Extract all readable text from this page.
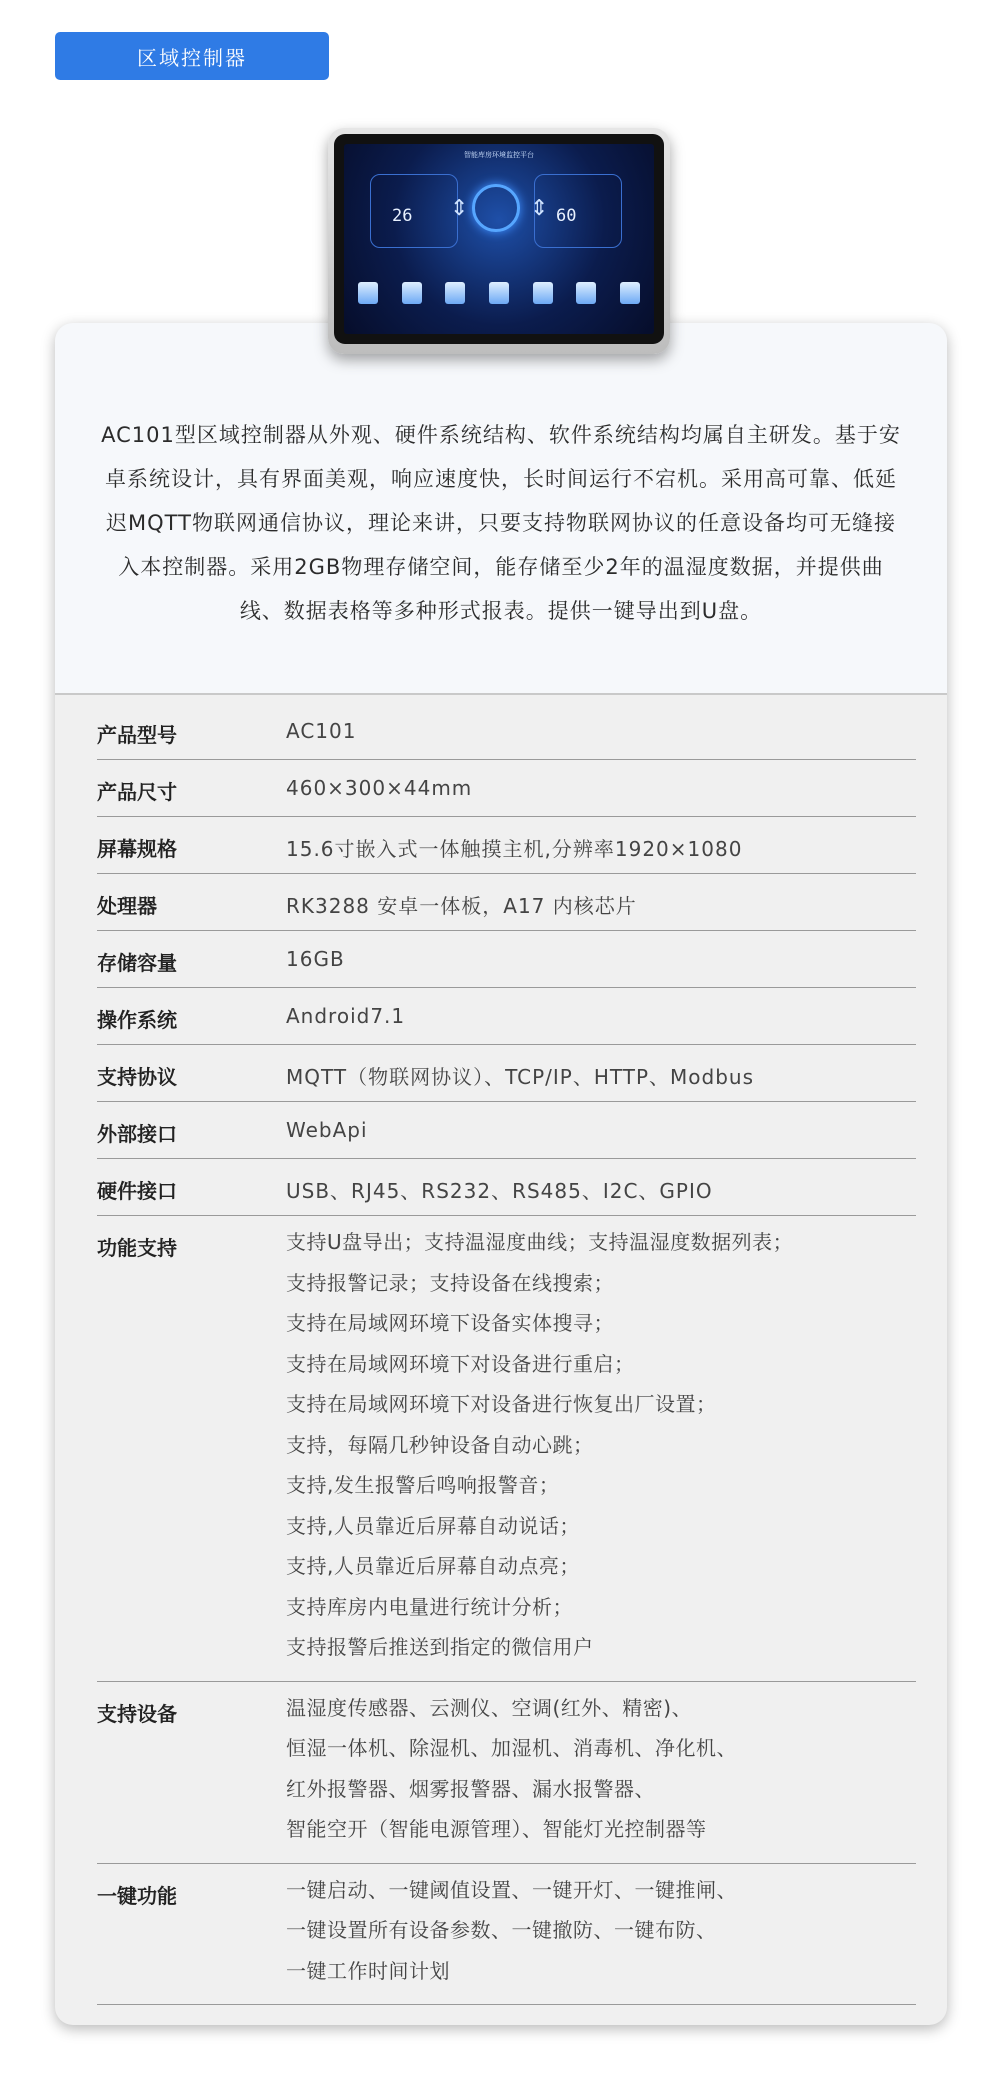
区域控制器
智能库房环境监控平台
26	60
⇕	⇕

AC101型区域控制器从外观、硬件系统结构、软件系统结构均属自主研发。基于安卓系统设计，具有界面美观，响应速度快，长时间运行不宕机。采用高可靠、低延迟MQTT物联网通信协议，理论来讲，只要支持物联网协议的任意设备均可无缝接入本控制器。采用2GB物理存储空间，能存储至少2年的温湿度数据，并提供曲线、数据表格等多种形式报表。提供一键导出到U盘。

产品型号	AC101
产品尺寸	460×300×44mm
屏幕规格	15.6寸嵌入式一体触摸主机,分辨率1920×1080
处理器	RK3288 安卓一体板，A17 内核芯片
存储容量	16GB
操作系统	Android7.1
支持协议	MQTT（物联网协议）、TCP/IP、HTTP、Modbus
外部接口	WebApi
硬件接口	USB、RJ45、RS232、RS485、I2C、GPIO
功能支持	支持U盘导出；支持温湿度曲线；支持温湿度数据列表；
支持报警记录；支持设备在线搜索；
支持在局域网环境下设备实体搜寻；
支持在局域网环境下对设备进行重启；
支持在局域网环境下对设备进行恢复出厂设置；
支持，每隔几秒钟设备自动心跳；
支持,发生报警后鸣响报警音；
支持,人员靠近后屏幕自动说话；
支持,人员靠近后屏幕自动点亮；
支持库房内电量进行统计分析；
支持报警后推送到指定的微信用户
支持设备	温湿度传感器、云测仪、空调(红外、精密)、
恒湿一体机、除湿机、加湿机、消毒机、净化机、
红外报警器、烟雾报警器、漏水报警器、
智能空开（智能电源管理）、智能灯光控制器等
一键功能	一键启动、一键阈值设置、一键开灯、一键推闸、
一键设置所有设备参数、一键撤防、一键布防、
一键工作时间计划
